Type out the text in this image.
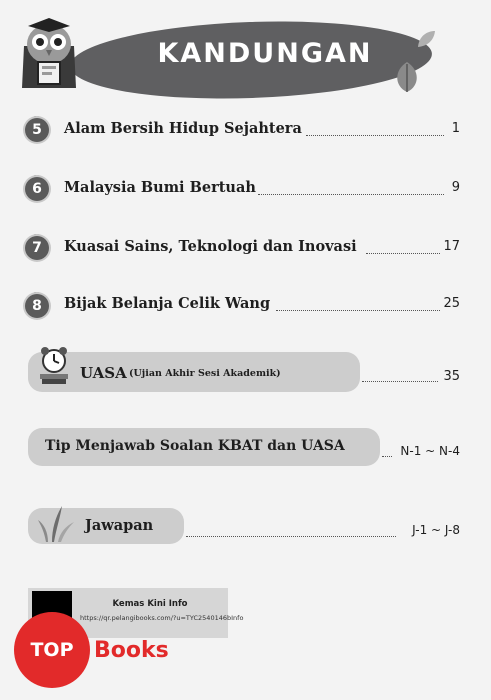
KANDUNGAN
5	Alam Bersih Hidup Sejahtera	1
6	Malaysia Bumi Bertuah	9
7	Kuasai Sains, Teknologi dan Inovasi	17
8	Bijak Belanja Celik Wang	25
UASA (Ujian Akhir Sesi Akademik)	35
Tip Menjawab Soalan KBAT dan UASA	N-1 ~ N-4
Jawapan	J-1 ~ J-8
Kemas Kini Info
https://qr.pelangibooks.com/?u=TYC2540146bInfo
TOP Books
